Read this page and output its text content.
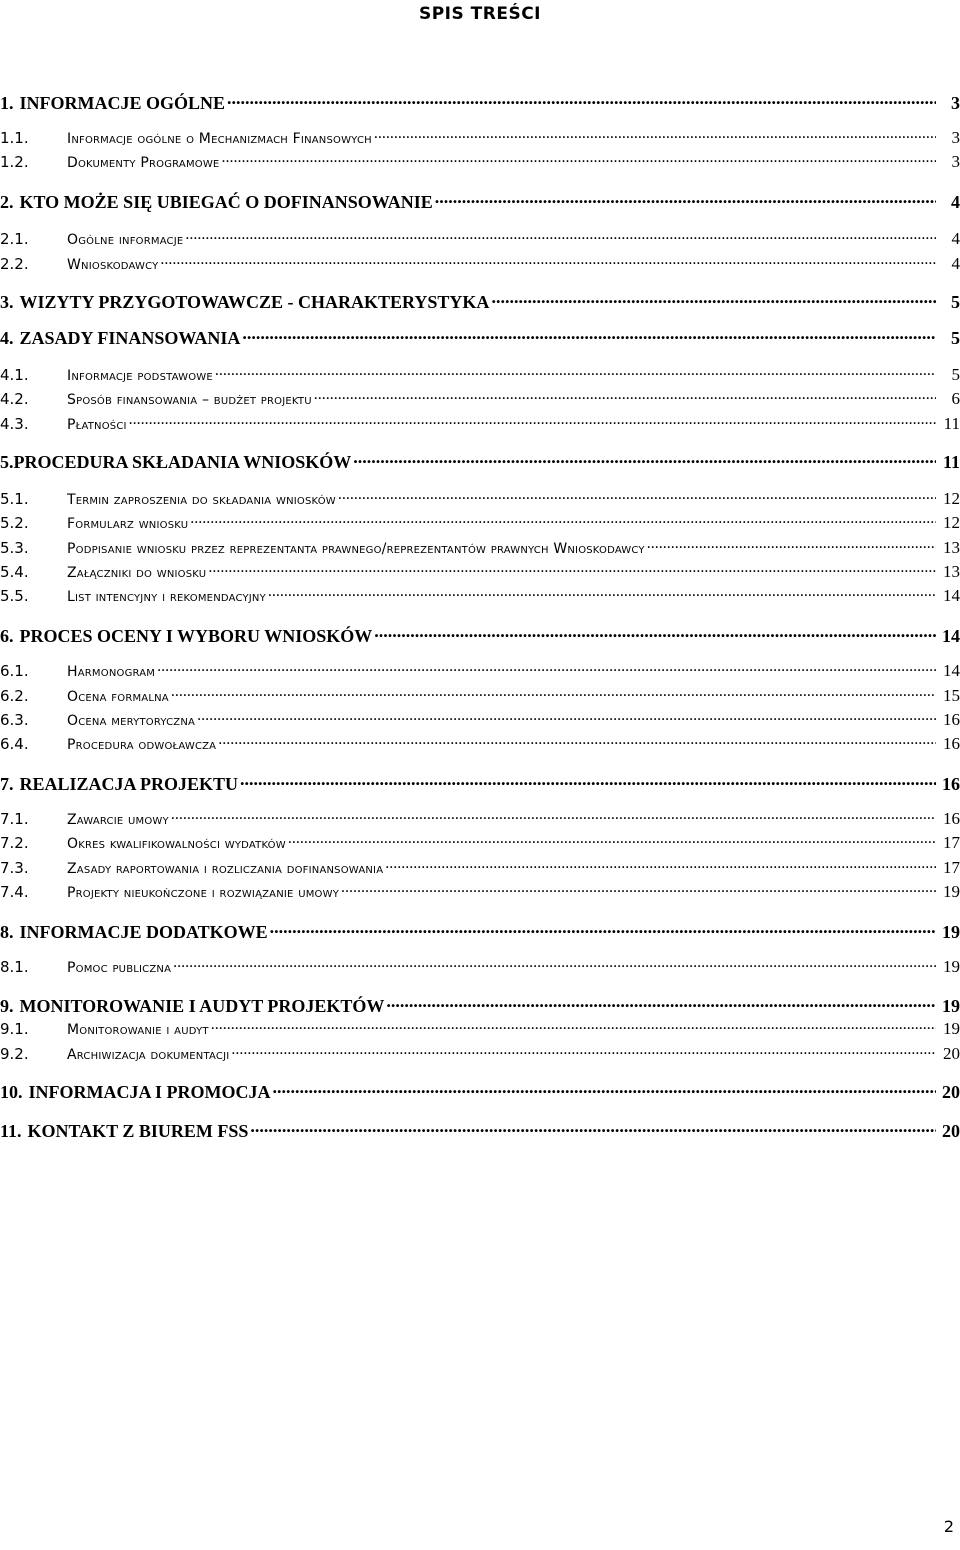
SPIS TREŚCI
1. INFORMACJE OGÓLNE .....	3
1.1.	Informacje ogólne o Mechanizmach Finansowych .....	3
1.2.	Dokumenty Programowe .....	3
2. KTO MOŻE SIĘ UBIEGAĆ O DOFINANSOWANIE .....	4
2.1.	Ogólne informacje .....	4
2.2.	Wnioskodawcy .....	4
3. WIZYTY PRZYGOTOWAWCZE - CHARAKTERYSTYKA .....	5
4. ZASADY FINANSOWANIA .....	5
4.1.	Informacje podstawowe .....	5
4.2.	Sposób finansowania – budżet projektu .....	6
4.3.	Płatności .....	11
5. PROCEDURA SKŁADANIA WNIOSKÓW .....	11
5.1.	Termin zaproszenia do składania wniosków .....	12
5.2.	Formularz wniosku .....	12
5.3.	Podpisanie wniosku przez reprezentanta prawnego/reprezentantów prawnych Wnioskodawcy .....	13
5.4.	Załączniki do wniosku .....	13
5.5.	List intencyjny i rekomendacyjny .....	14
6. PROCES OCENY I WYBORU WNIOSKÓW .....	14
6.1.	Harmonogram .....	14
6.2.	Ocena formalna .....	15
6.3.	Ocena merytoryczna .....	16
6.4.	Procedura odwoławcza .....	16
7. REALIZACJA PROJEKTU .....	16
7.1.	Zawarcie umowy .....	16
7.2.	Okres kwalifikowalności wydatków .....	17
7.3.	Zasady raportowania i rozliczania dofinansowania .....	17
7.4.	Projekty nieukończone i rozwiązanie umowy .....	19
8. INFORMACJE DODATKOWE .....	19
8.1.	Pomoc publiczna .....	19
9. MONITOROWANIE I AUDYT PROJEKTÓW .....	19
9.1.	Monitorowanie i audyt .....	19
9.2.	Archiwizacja dokumentacji .....	20
10. INFORMACJA I PROMOCJA .....	20
11. KONTAKT Z BIUREM FSS .....	20
2
